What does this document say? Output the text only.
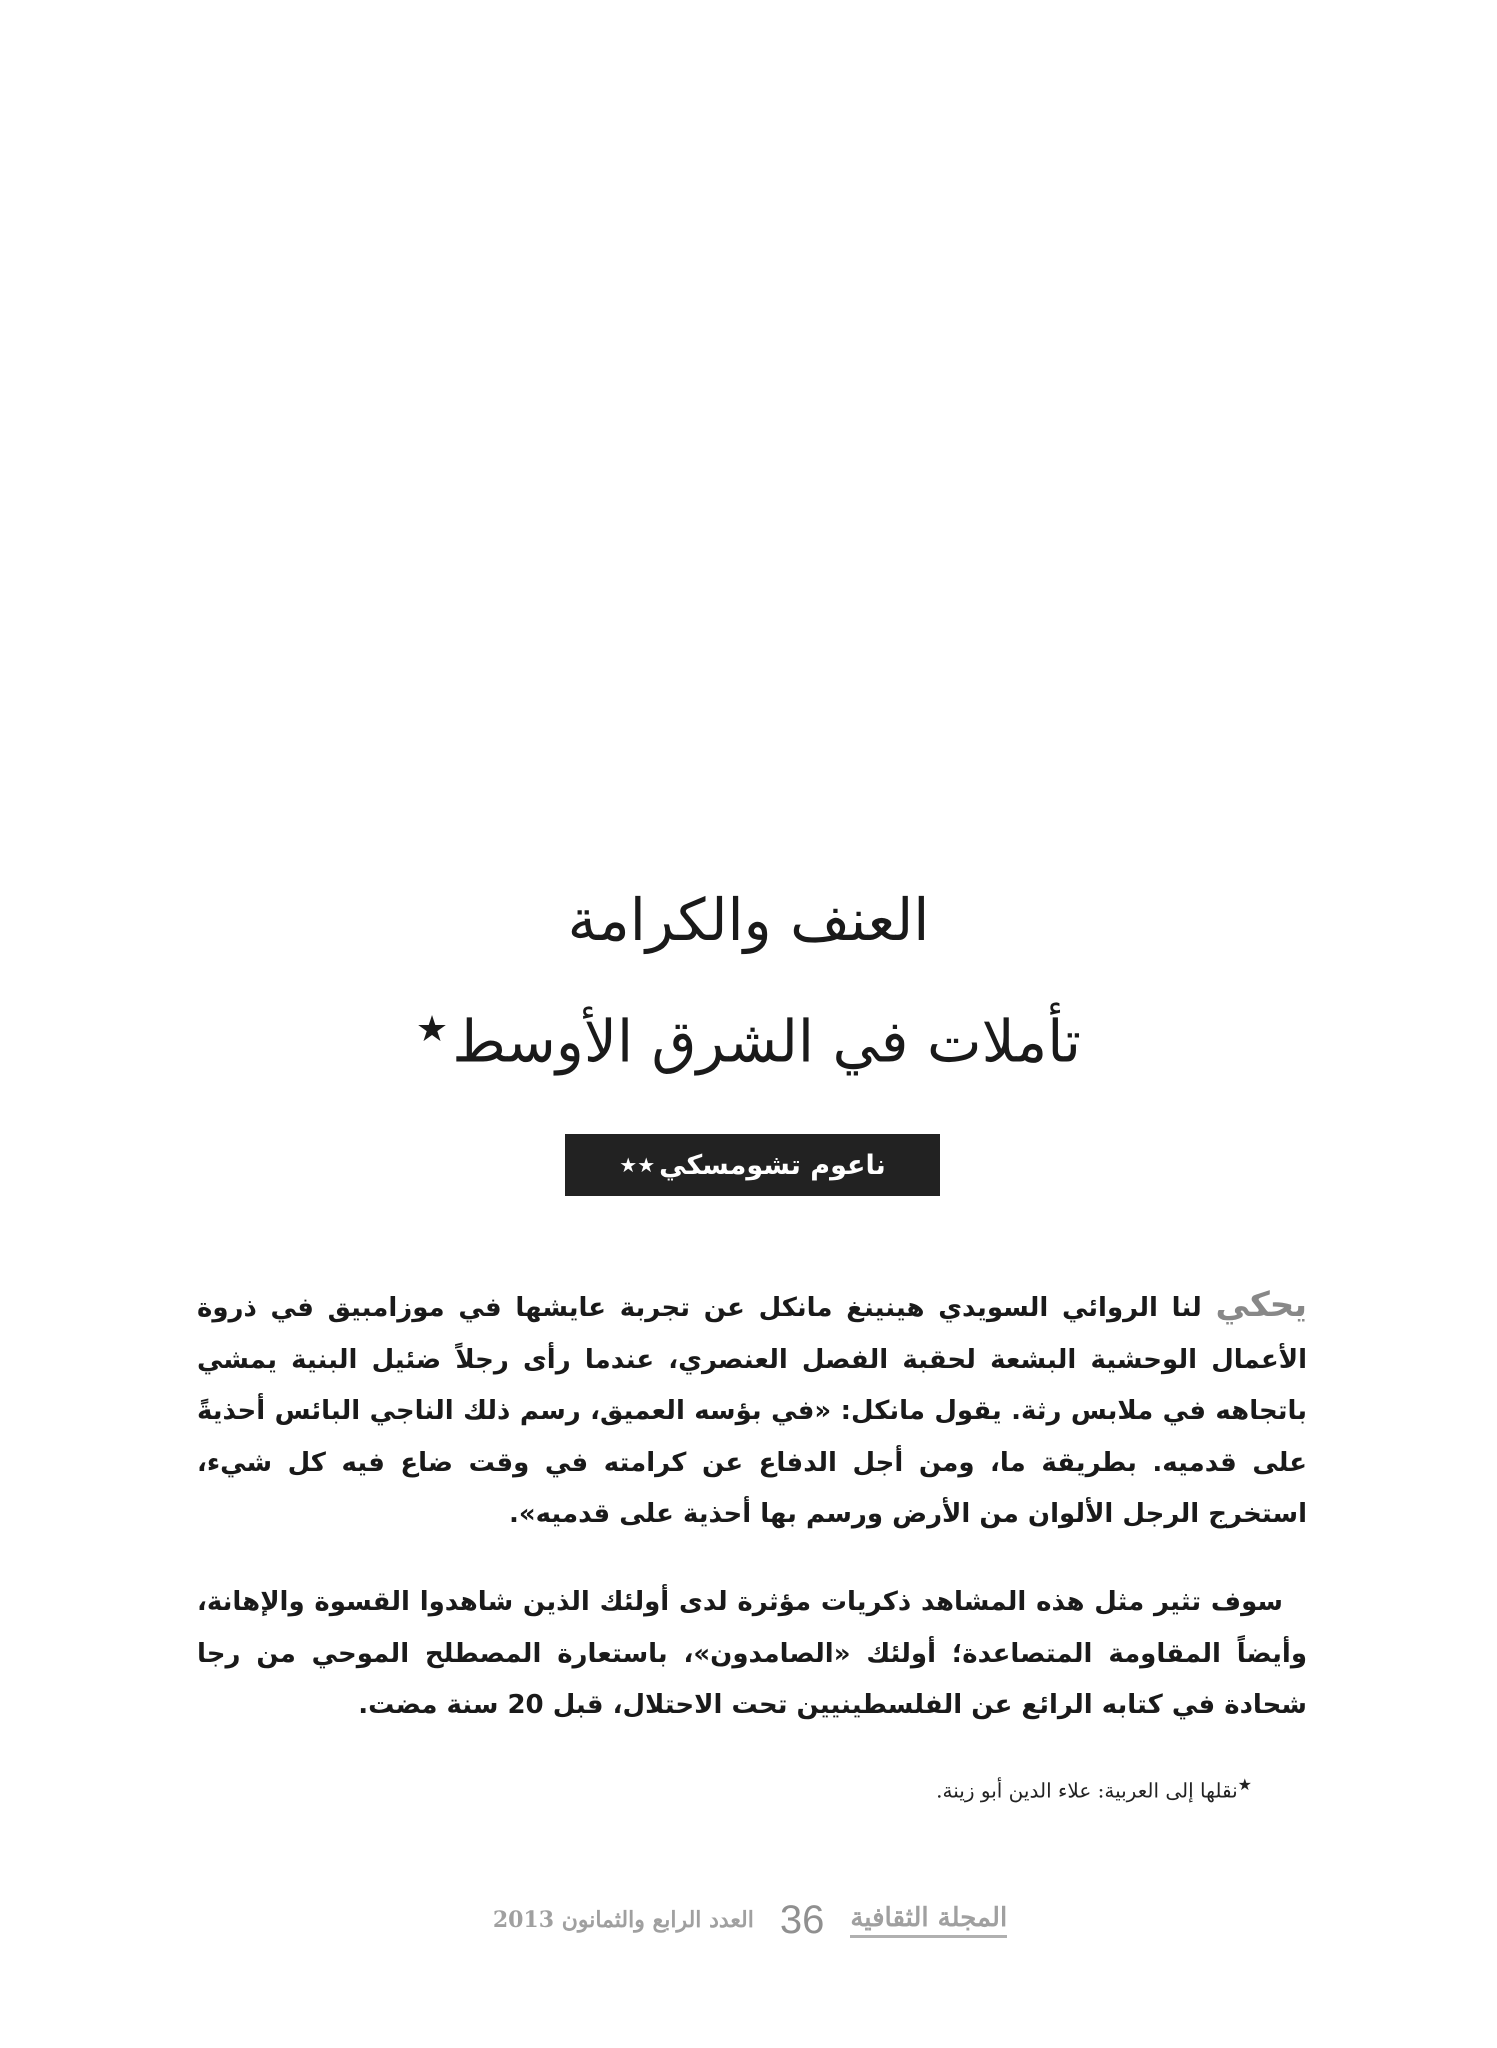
العنف والكرامة
تأملات في الشرق الأوسط★
ناعوم تشومسكي
★★
يحكي لنا الروائي السويدي هينينغ مانكل عن تجربة عايشها في موزامبيق في ذروة الأعمال الوحشية البشعة لحقبة الفصل العنصري، عندما رأى رجلاً ضئيل البنية يمشي باتجاهه في ملابس رثة. يقول مانكل: «في بؤسه العميق، رسم ذلك الناجي البائس أحذيةً على قدميه. بطريقة ما، ومن أجل الدفاع عن كرامته في وقت ضاع فيه كل شيء، استخرج الرجل الألوان من الأرض ورسم بها أحذية على قدميه».
سوف تثير مثل هذه المشاهد ذكريات مؤثرة لدى أولئك الذين شاهدوا القسوة والإهانة، وأيضاً المقاومة المتصاعدة؛ أولئك «الصامدون»، باستعارة المصطلح الموحي من رجا شحادة في كتابه الرائع عن الفلسطينيين تحت الاحتلال، قبل 20 سنة مضت.
★نقلها إلى العربية: علاء الدين أبو زينة.
المجلة الثقافية
36
العدد الرابع والثمانون 2013
